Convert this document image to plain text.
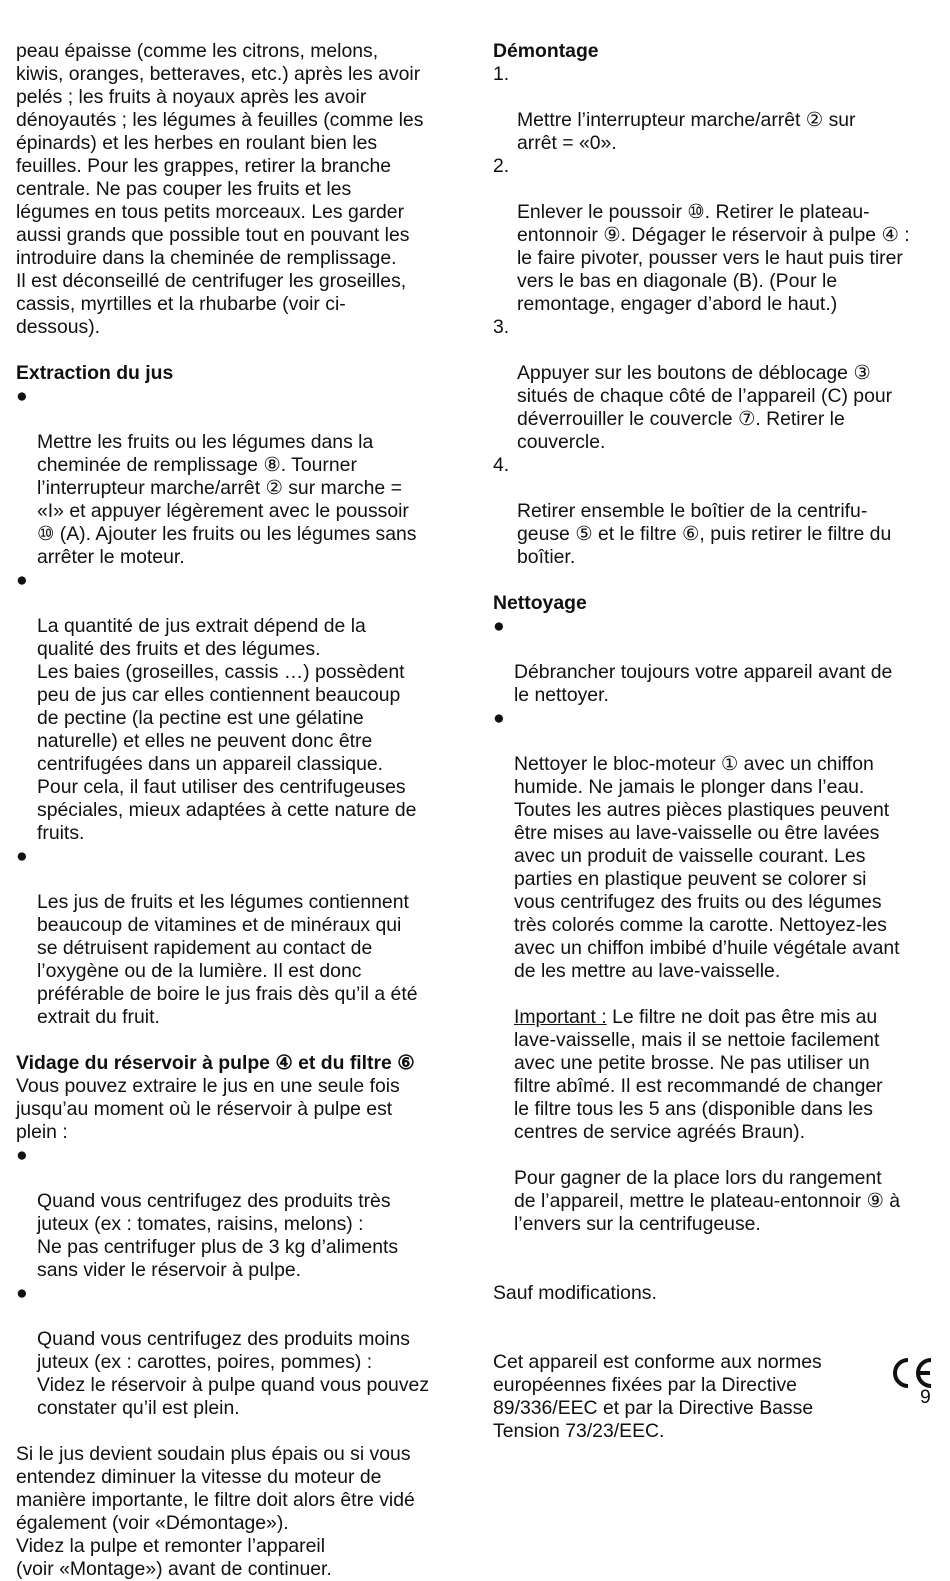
peau épaisse (comme les citrons, melons,
kiwis, oranges, betteraves, etc.) après les avoir
pelés ; les fruits à noyaux après les avoir
dénoyautés ; les légumes à feuilles (comme les
épinards) et les herbes en roulant bien les
feuilles. Pour les grappes, retirer la branche
centrale. Ne pas couper les fruits et les
légumes en tous petits morceaux. Les garder
aussi grands que possible tout en pouvant les
introduire dans la cheminée de remplissage.
Il est déconseillé de centrifuger les groseilles,
cassis, myrtilles et la rhubarbe (voir ci-
dessous).

Extraction du jus

●

Mettre les fruits ou les légumes dans la
cheminée de remplissage ⑧. Tourner
l’interrupteur marche/arrêt ② sur marche =
«I» et appuyer légèrement avec le poussoir
⑩ (A). Ajouter les fruits ou les légumes sans
arrêter le moteur.

●

La quantité de jus extrait dépend de la
qualité des fruits et des légumes.
Les baies (groseilles, cassis …) possèdent
peu de jus car elles contiennent beaucoup
de pectine (la pectine est une gélatine
naturelle) et elles ne peuvent donc être
centrifugées dans un appareil classique.
Pour cela, il faut utiliser des centrifugeuses
spéciales, mieux adaptées à cette nature de
fruits.

●

Les jus de fruits et les légumes contiennent
beaucoup de vitamines et de minéraux qui
se détruisent rapidement au contact de
l’oxygène ou de la lumière. Il est donc
préférable de boire le jus frais dès qu’il a été
extrait du fruit.

Vidage du réservoir à pulpe ④ et du filtre ⑥

Vous pouvez extraire le jus en une seule fois
jusqu’au moment où le réservoir à pulpe est
plein :

●

Quand vous centrifugez des produits très
juteux (ex : tomates, raisins, melons) :
Ne pas centrifuger plus de 3 kg d’aliments
sans vider le réservoir à pulpe.

●

Quand vous centrifugez des produits moins
juteux (ex : carottes, poires, pommes) :
Videz le réservoir à pulpe quand vous pouvez
constater qu’il est plein.

Si le jus devient soudain plus épais ou si vous
entendez diminuer la vitesse du moteur de
manière importante, le filtre doit alors être vidé
également (voir «Démontage»).
Videz la pulpe et remonter l’appareil
(voir «Montage») avant de continuer.

Démontage

1.

Mettre l’interrupteur marche/arrêt ② sur
arrêt = «0».

2.

Enlever le poussoir ⑩. Retirer le plateau-
entonnoir ⑨. Dégager le réservoir à pulpe ④ :
le faire pivoter, pousser vers le haut puis tirer
vers le bas en diagonale (B). (Pour le
remontage, engager d’abord le haut.)

3.

Appuyer sur les boutons de déblocage ③
situés de chaque côté de l’appareil (C) pour
déverrouiller le couvercle ⑦. Retirer le
couvercle.

4.

Retirer ensemble le boîtier de la centrifu-
geuse ⑤ et le filtre ⑥, puis retirer le filtre du
boîtier.

Nettoyage

●

Débrancher toujours votre appareil avant de
le nettoyer.

●

Nettoyer le bloc-moteur ① avec un chiffon
humide. Ne jamais le plonger dans l’eau.
Toutes les autres pièces plastiques peuvent
être mises au lave-vaisselle ou être lavées
avec un produit de vaisselle courant. Les
parties en plastique peuvent se colorer si
vous centrifugez des fruits ou des légumes
très colorés comme la carotte. Nettoyez-les
avec un chiffon imbibé d’huile végétale avant
de les mettre au lave-vaisselle.

Important : Le filtre ne doit pas être mis au
lave-vaisselle, mais il se nettoie facilement
avec une petite brosse. Ne pas utiliser un
filtre abîmé. Il est recommandé de changer
le filtre tous les 5 ans (disponible dans les
centres de service agréés Braun).

Pour gagner de la place lors du rangement
de l’appareil, mettre le plateau-entonnoir ⑨ à
l’envers sur la centrifugeuse.

Sauf modifications.

Cet appareil est conforme aux normes
européennes fixées par la Directive
89/336/EEC et par la Directive Basse
Tension 73/23/EEC.

9
